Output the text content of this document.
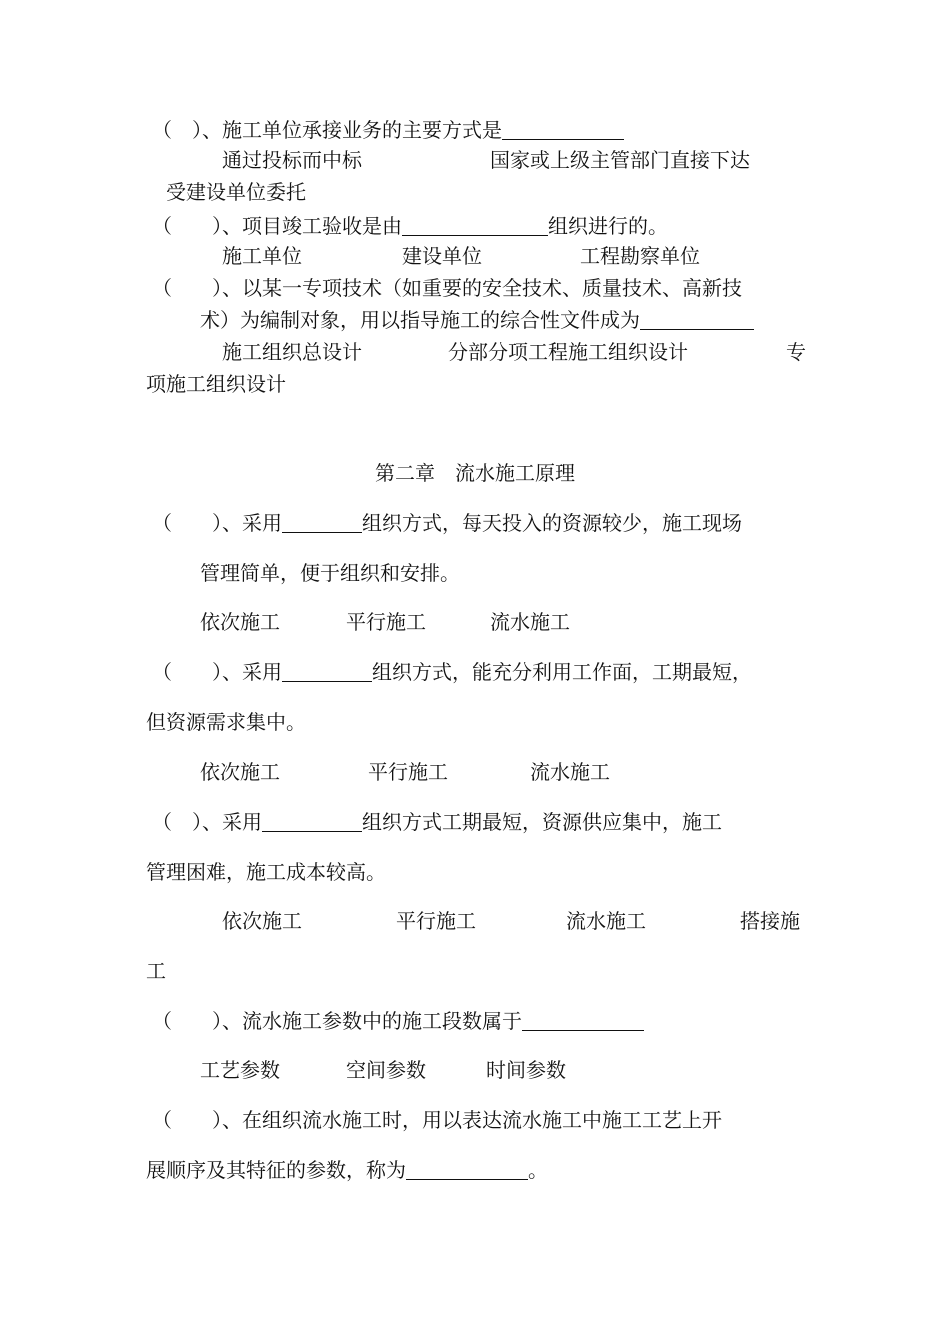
（　）、施工单位承接业务的主要方式是
通过投标而中标	国家或上级主管部门直接下达
受建设单位委托
（　　）、项目竣工验收是由	组织进行的。
施工单位	建设单位	工程勘察单位
（　　）、以某一专项技术（如重要的安全技术、质量技术、高新技
术）为编制对象，用以指导施工的综合性文件成为
施工组织总设计	分部分项工程施工组织设计	专
项施工组织设计
第二章　流水施工原理
（　　）、采用	组织方式，每天投入的资源较少，施工现场
管理简单，便于组织和安排。
依次施工	平行施工	流水施工
（　　）、采用	组织方式，能充分利用工作面，工期最短，
但资源需求集中。
依次施工	平行施工	流水施工
（　）、采用	组织方式工期最短，资源供应集中，施工
管理困难，施工成本较高。
依次施工	平行施工	流水施工	搭接施
工
（　　）、流水施工参数中的施工段数属于
工艺参数	空间参数	时间参数
（　　）、在组织流水施工时，用以表达流水施工中施工工艺上开
展顺序及其特征的参数，称为	。
